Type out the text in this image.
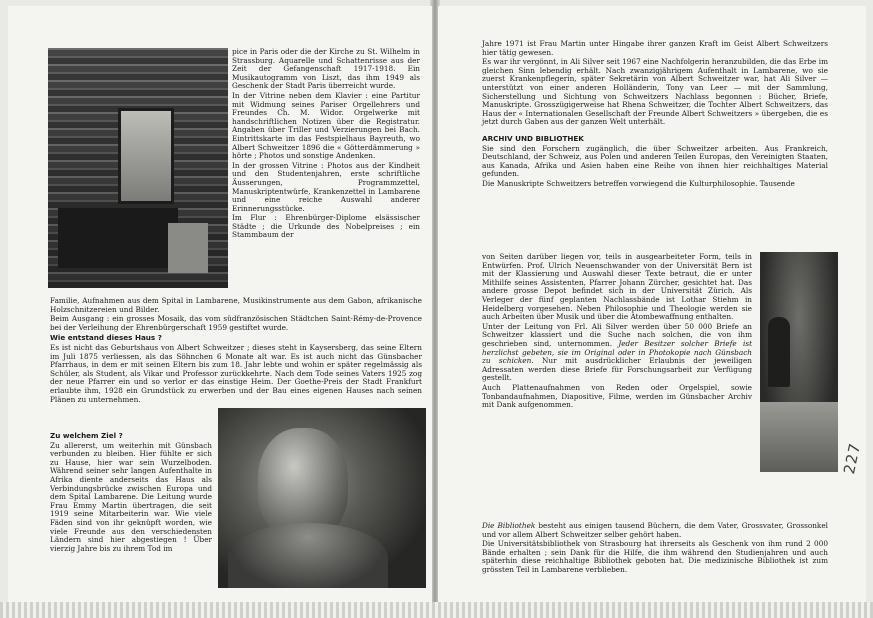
pice in Paris oder die der Kirche zu St. Wilhelm in Strassburg. Aquarelle und Schattenrisse aus der Zeit der Gefangenschaft 1917-1918. Ein Musikautogramm von Liszt, das ihm 1949 als Geschenk der Stadt Paris überreicht wurde.

In der Vitrine neben dem Klavier : eine Partitur mit Widmung seines Pariser Orgellehrers und Freundes Ch. M. Widor. Orgelwerke mit handschriftlichen Notizen über die Registratur. Angaben über Triller und Verzierungen bei Bach. Eintrittskarte im das Festspielhaus Bayreuth, wo Albert Schweitzer 1896 die « Götterdämmerung » hörte ; Photos und sonstige Andenken.

In der grossen Vitrine : Photos aus der Kindheit und den Studentenjahren, erste schriftliche Äusserungen, Programmzettel, Manuskriptentwürfe, Krankenzettel in Lambarene und eine reiche Auswahl anderer Erinnerungsstücke.

Im Flur : Ehrenbürger-Diplome elsässischer Städte ; die Urkunde des Nobelpreises ; ein Stammbaum der

Familie, Aufnahmen aus dem Spital in Lambarene, Musikinstrumente aus dem Gabon, afrikanische Holzschnitzereien und Bilder.

Beim Ausgang : ein grosses Mosaik, das vom südfranzösischen Städtchen Saint-Rémy-de-Provence bei der Verleihung der Ehrenbürgerschaft 1959 gestiftet wurde.

Wie entstand dieses Haus ?

Es ist nicht das Geburtshaus von Albert Schweitzer ; dieses steht in Kaysersberg, das seine Eltern im Juli 1875 verliessen, als das Söhnchen 6 Monate alt war. Es ist auch nicht das Günsbacher Pfarrhaus, in dem er mit seinen Eltern bis zum 18. Jahr lebte und wohin er später regelmässig als Schüler, als Student, als Vikar und Professor zurückkehrte. Nach dem Tode seines Vaters 1925 zog der neue Pfarrer ein und so verlor er das einstige Heim. Der Goethe-Preis der Stadt Frankfurt erlaubte ihm, 1928 ein Grundstück zu erwerben und der Bau eines eigenen Hauses nach seinen Plänen zu unternehmen.

Zu welchem Ziel ?

Zu allererst, um weiterhin mit Günsbach verbunden zu bleiben. Hier fühlte er sich zu Hause, hier war sein Wurzelboden. Während seiner sehr langen Aufenthalte in Afrika diente anderseits das Haus als Verbindungsbrücke zwischen Europa und dem Spital Lambarene. Die Leitung wurde Frau Emmy Martin übertragen, die seit 1919 seine Mitarbeiterin war. Wie viele Fäden sind von ihr geknüpft worden, wie viele Freunde aus den verschiedensten Ländern sind hier abgestiegen ! Über vierzig Jahre bis zu ihrem Tod im

Jahre 1971 ist Frau Martin unter Hingabe ihrer ganzen Kraft im Geist Albert Schweitzers hier tätig gewesen.

Es war ihr vergönnt, in Ali Silver seit 1967 eine Nachfolgerin heranzubilden, die das Erbe im gleichen Sinn lebendig erhält. Nach zwanzigjährigem Aufenthalt in Lambarene, wo sie zuerst Krankenpflegerin, später Sekretärin von Albert Schweitzer war, hat Ali Silver — unterstützt von einer anderen Holländerin, Tony van Leer — mit der Sammlung, Sicherstellung und Sichtung von Schweitzers Nachlass begonnen : Bücher, Briefe, Manuskripte. Grosszügigerweise hat Rhena Schweitzer, die Tochter Albert Schweitzers, das Haus der « Internationalen Gesellschaft der Freunde Albert Schweitzers » übergeben, die es jetzt durch Gaben aus der ganzen Welt unterhält.

ARCHIV UND BIBLIOTHEK

Sie sind den Forschern zugänglich, die über Schweitzer arbeiten. Aus Frankreich, Deutschland, der Schweiz, aus Polen und anderen Teilen Europas, den Vereinigten Staaten, aus Kanada, Afrika und Asien haben eine Reihe von ihnen hier reichhaltiges Material gefunden.

Die Manuskripte Schweitzers betreffen vorwiegend die Kulturphilosophie. Tausende

von Seiten darüber liegen vor, teils in ausgearbeiteter Form, teils in Entwürfen. Prof. Ulrich Neuenschwander von der Universität Bern ist mit der Klassierung und Auswahl dieser Texte betraut, die er unter Mithilfe seines Assistenten, Pfarrer Johann Zürcher, gesichtet hat. Das andere grosse Depot befindet sich in der Universität Zürich. Als Verleger der fünf geplanten Nachlassbände ist Lothar Stiehm in Heidelberg vorgesehen. Neben Philosophie und Theologie werden sie auch Arbeiten über Musik und über die Atombewaffnung enthalten.

Unter der Leitung von Frl. Ali Silver werden über 50 000 Briefe an Schweitzer klassiert und die Suche nach solchen, die von ihm geschrieben sind, unternommen. Jeder Besitzer solcher Briefe ist herzlichst gebeten, sie im Original oder in Photokopie nach Günsbach zu schicken. Nur mit ausdrücklicher Erlaubnis der jeweiligen Adressaten werden diese Briefe für Forschungsarbeit zur Verfügung gestellt.

Auch Plattenaufnahmen von Reden oder Orgelspiel, sowie Tonbandaufnahmen, Diapositive, Filme, werden im Günsbacher Archiv mit Dank aufgenommen.

Die Bibliothek besteht aus einigen tausend Büchern, die dem Vater, Grossvater, Grossonkel und vor allem Albert Schweitzer selber gehört haben.

Die Universitätsbibliothek von Strasbourg hat ihrerseits als Geschenk von ihm rund 2 000 Bände erhalten ; sein Dank für die Hilfe, die ihm während den Studienjahren und auch späterhin diese reichhaltige Bibliothek geboten hat. Die medizinische Bibliothek ist zum grössten Teil in Lambarene verblieben.

227
